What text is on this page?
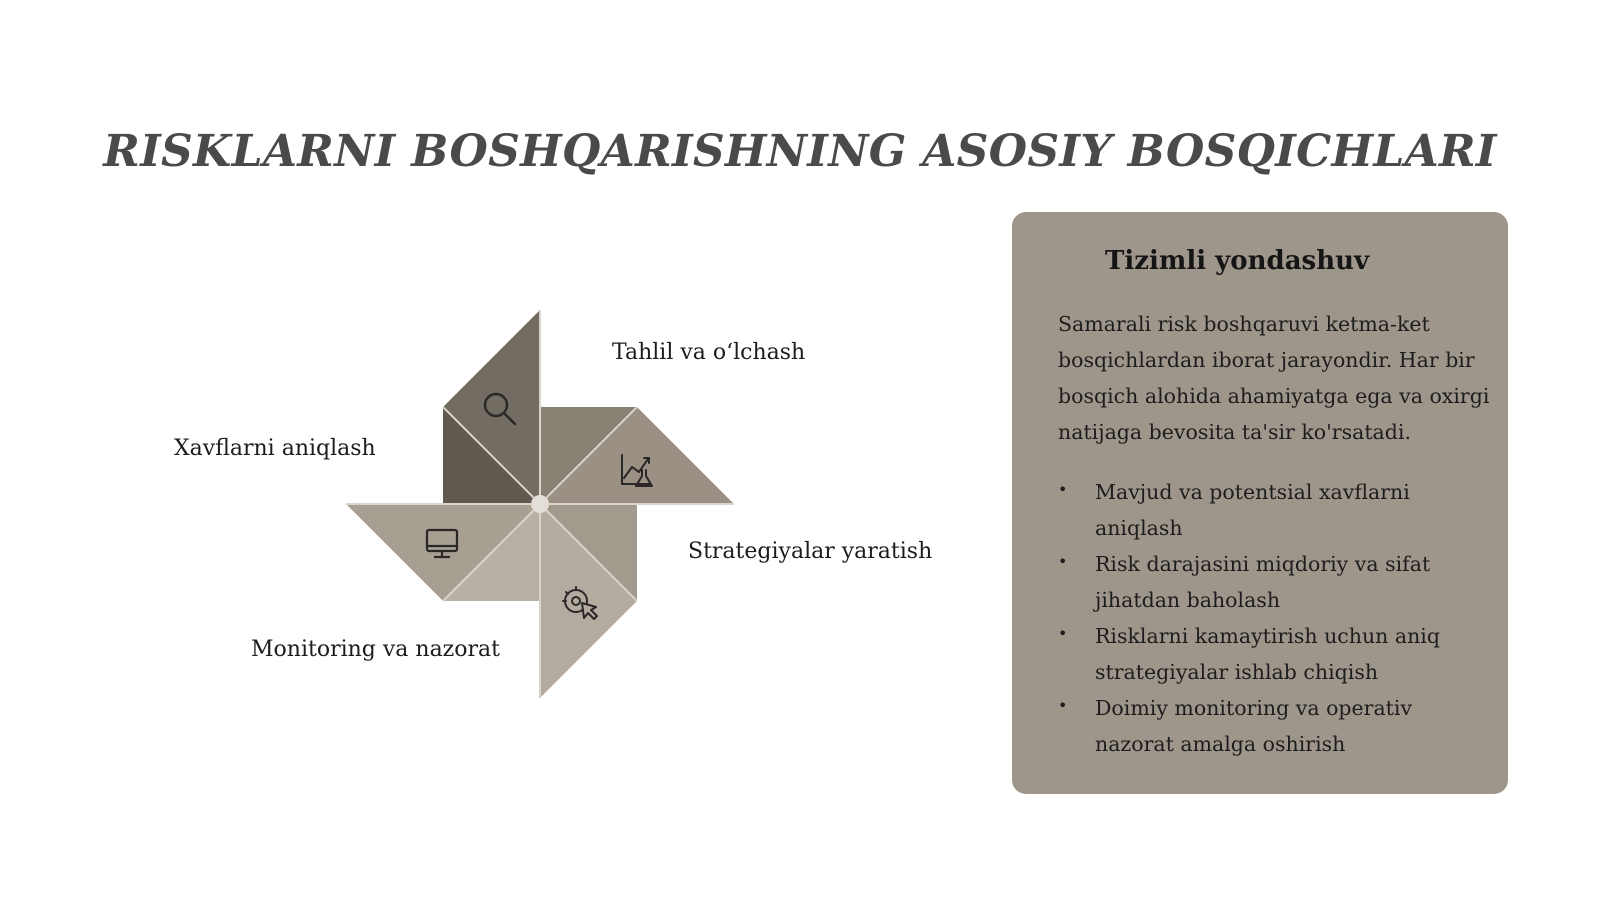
RISKLARNI BOSHQARISHNING ASOSIY BOSQICHLARI
Tahlil va oʻlchash
Xavflarni aniqlash
Strategiyalar yaratish
Monitoring va nazorat
Tizimli yondashuv
Samarali risk boshqaruvi ketma-ket bosqichlardan iborat jarayondir. Har bir bosqich alohida ahamiyatga ega va oxirgi natijaga bevosita ta'sir ko'rsatadi.
• Mavjud va potentsial xavflarni aniqlash
• Risk darajasini miqdoriy va sifat jihatdan baholash
• Risklarni kamaytirish uchun aniq strategiyalar ishlab chiqish
• Doimiy monitoring va operativ nazorat amalga oshirish
